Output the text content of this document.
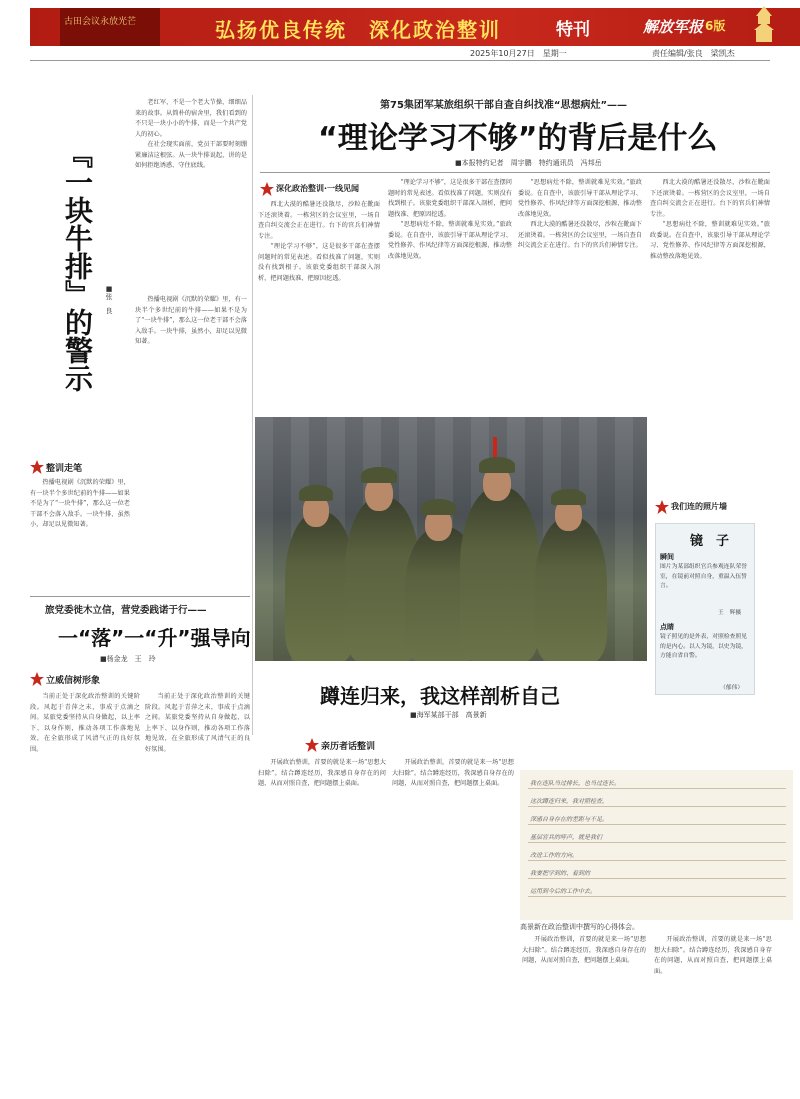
古田会议永放光芒	弘扬优良传统　深化政治整训	特刊	解放军报 6版
2025年10月27日　星期一	责任编辑/张良　梁凯杰
『一块牛排』的警示 ■张　良

老红军，不是一个老大节操，细细品来的故事。从简朴的宿舍里，我们看到的不只是一块小小的牛排，而是一个共产党人的初心。

在社会现实面前，党员干部要时刻绷紧廉洁这根弦。从一块牛排说起，讲的是如何拒绝诱惑、守住底线。

热播电视剧《沉默的荣耀》里，有一块半个多世纪前的牛排——如果不是为了“一块牛排”，那么这一位老干部不会落入敌手。一块牛排，虽然小，却足以见微知著。

整训走笔

热播电视剧《沉默的荣耀》里，有一块半个多世纪前的牛排——如果不是为了“一块牛排”，那么这一位老干部不会落入敌手。一块牛排，虽然小，却足以见微知著。

旅党委徙木立信，营党委践诺于行——
一“落”一“升”强导向
■杨金龙　王　玲
立威信树形象

当前正处于深化政治整训的关键阶段。风起于青萍之末，事成于点滴之间。某旅党委坚持从自身做起，以上率下、以身作则，推动各项工作落地见效，在全旅形成了风清气正的良好氛围。

当前正处于深化政治整训的关键阶段。风起于青萍之末，事成于点滴之间。某旅党委坚持从自身做起，以上率下、以身作则，推动各项工作落地见效，在全旅形成了风清气正的良好氛围。

第75集团军某旅组织干部自查自纠找准“思想病灶”——
“理论学习不够”的背后是什么
■本报特约记者　周宇鹏　特约通讯员　冯邦岳
深化政治整训·一线见闻

西北大漠的酷暑还没散尽，沙粒在靴面下还滚烫着。一栋营区的会议室里，一场自查自纠交流会正在进行。台下的官兵们神情专注。

“理论学习不够”，这是很多干部在查摆问题时的常见表述。看似找准了问题，实则没有找到根子。该旅党委组织干部深入剖析，把问题找准、把原因挖透。

“理论学习不够”，这是很多干部在查摆问题时的常见表述。看似找准了问题，实则没有找到根子。该旅党委组织干部深入剖析，把问题找准、把原因挖透。

“思想病灶不除，整训就难见实效。”旅政委说。在自查中，该旅引导干部从理论学习、党性修养、作风纪律等方面深挖根源，推动整改落地见效。

“思想病灶不除，整训就难见实效。”旅政委说。在自查中，该旅引导干部从理论学习、党性修养、作风纪律等方面深挖根源，推动整改落地见效。

西北大漠的酷暑还没散尽，沙粒在靴面下还滚烫着。一栋营区的会议室里，一场自查自纠交流会正在进行。台下的官兵们神情专注。

西北大漠的酷暑还没散尽，沙粒在靴面下还滚烫着。一栋营区的会议室里，一场自查自纠交流会正在进行。台下的官兵们神情专注。

“思想病灶不除，整训就难见实效。”旅政委说。在自查中，该旅引导干部从理论学习、党性修养、作风纪律等方面深挖根源，推动整改落地见效。

我们连的照片墙
镜　子
瞬间
图片为某部组织官兵参观连队荣誉室，在镜前对照自身，重温入伍誓言。
王　辉摄
点睛
镜子照见的是外表，对照检查照见的是内心。以人为镜，以史为镜，方能自省自警。
（郁伟）
蹲连归来，我这样剖析自己
■海军某部干部　高景新
亲历者话整训

开展政治整训，首要的就是来一场“思想大扫除”。结合蹲连经历，我深感自身存在的问题，从而对照自查，把问题摆上桌面。

开展政治整训，首要的就是来一场“思想大扫除”。结合蹲连经历，我深感自身存在的问题，从而对照自查，把问题摆上桌面。

开展政治整训，首要的就是来一场“思想大扫除”。结合蹲连经历，我深感自身存在的问题，从而对照自查，把问题摆上桌面。

开展政治整训，首要的就是来一场“思想大扫除”。结合蹲连经历，我深感自身存在的问题，从而对照自查，把问题摆上桌面。

我在连队当过排长，也当过连长。
这次蹲连归来，我对照检查，
深感自身存在的差距与不足。
基层官兵的呼声，就是我们
改进工作的方向。
我要把学到的、看到的
运用到今后的工作中去。
高景新在政治整训中撰写的心得体会。
